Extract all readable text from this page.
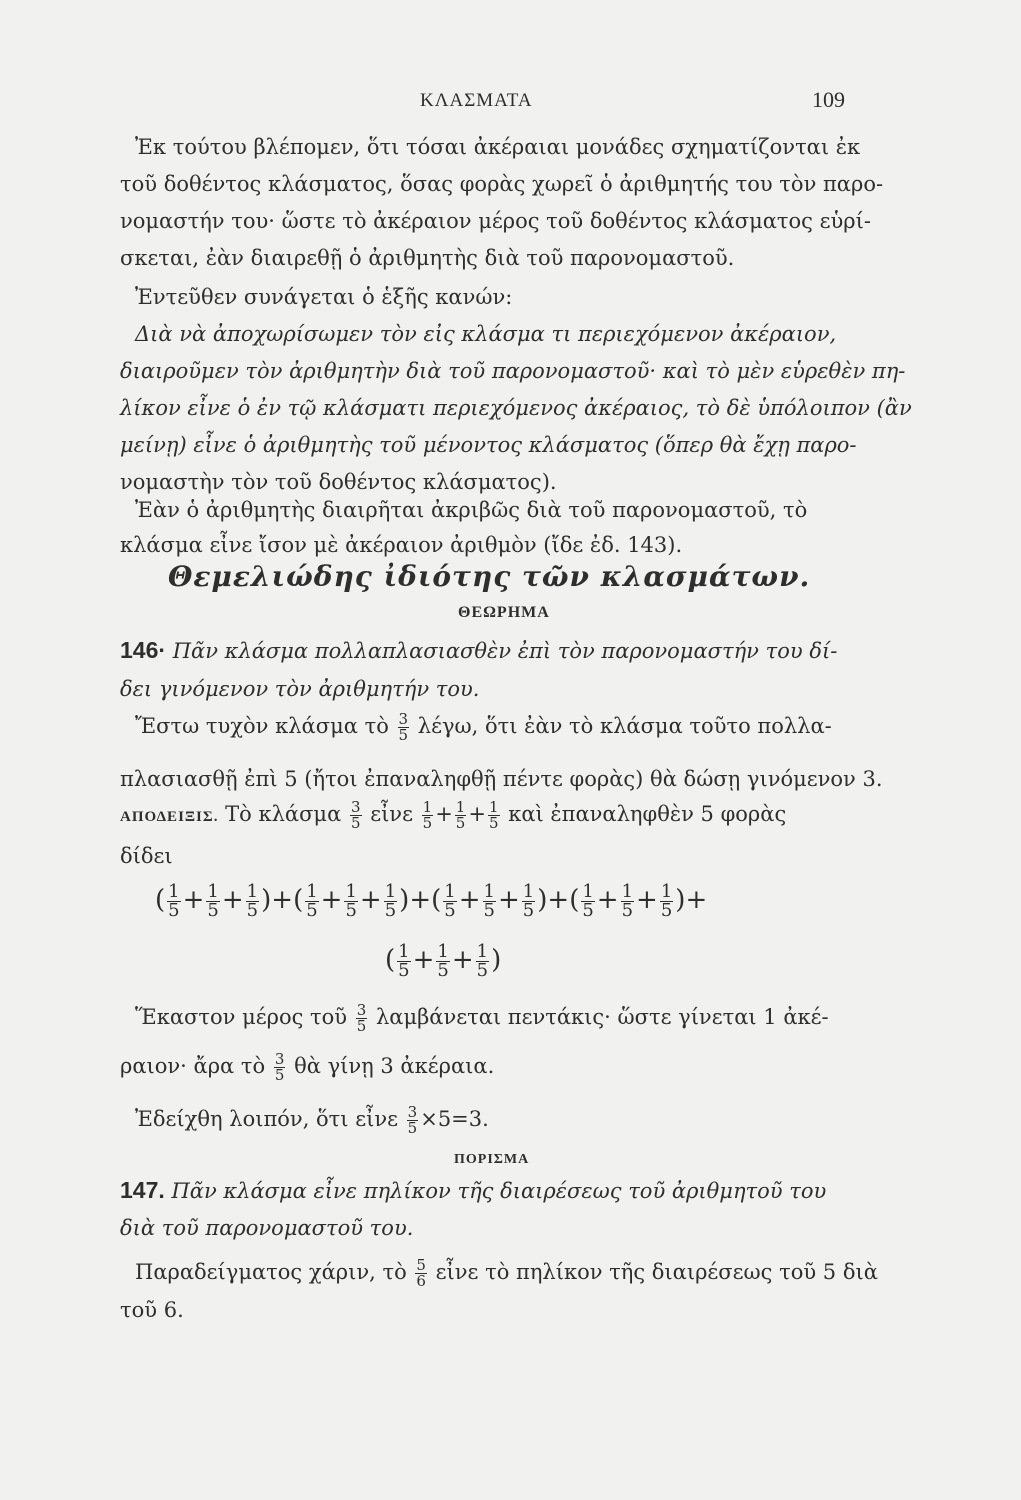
ΚΛΑΣΜΑΤΑ	109
Ἐκ τούτου βλέπομεν, ὅτι τόσαι ἀκέραιαι μονάδες σχηματίζονται ἐκ
τοῦ δοθέντος κλάσματος, ὅσας φορὰς χωρεῖ ὁ ἀριθμητής του τὸν παρο-
νομαστήν του· ὥστε τὸ ἀκέραιον μέρος τοῦ δοθέντος κλάσματος εὑρί-
σκεται, ἐὰν διαιρεθῇ ὁ ἀριθμητὴς διὰ τοῦ παρονομαστοῦ.
Ἐντεῦθεν συνάγεται ὁ ἑξῆς κανών:
Διὰ νὰ ἀποχωρίσωμεν τὸν εἰς κλάσμα τι περιεχόμενον ἀκέραιον,
διαιροῦμεν τὸν ἀριθμητὴν διὰ τοῦ παρονομαστοῦ· καὶ τὸ μὲν εὑρεθὲν πη-
λίκον εἶνε ὁ ἐν τῷ κλάσματι περιεχόμενος ἀκέραιος, τὸ δὲ ὑπόλοιπον (ἂν
μείνῃ) εἶνε ὁ ἀριθμητὴς τοῦ μένοντος κλάσματος (ὅπερ θὰ ἔχῃ παρο-
νομαστὴν τὸν τοῦ δοθέντος κλάσματος).
Ἐὰν ὁ ἀριθμητὴς διαιρῆται ἀκριβῶς διὰ τοῦ παρονομαστοῦ, τὸ
κλάσμα εἶνε ἴσον μὲ ἀκέραιον ἀριθμὸν (ἴδε ἐδ. 143).
Θεμελιώδης ἰδιότης τῶν κλασμάτων.
ΘΕΩΡΗΜΑ
146· Πᾶν κλάσμα πολλαπλασιασθὲν ἐπὶ τὸν παρονομαστήν του δί-
δει γινόμενον τὸν ἀριθμητήν του.
Ἔστω τυχὸν κλάσμα τὸ $\frac{3}{5} \lambda έ\gamma\omega$, ὅτι ἐὰν τὸ κλάσμα τοῦτο πολλα-
πλασιασθῇ ἐπὶ 5 (ἤτοι ἐπαναληφθῇ πέντε φορὰς) θὰ δώσῃ γινόμενον 3.
ΑΠΟΔΕΙΞΙΣ. Τὸ κλάσμα $\frac{3}{5}$ εἶνε $\frac{1}{5} + \frac{1}{5} + \frac{1}{5}$ καὶ ἐπαναληφθὲν 5 φορὰς
δίδει
( $\frac{1}{5} + \frac{1}{5} + \frac{1}{5}$ )+( $\frac{1}{5} + \frac{1}{5} + \frac{1}{5}$ )+( $\frac{1}{5} + \frac{1}{5} + \frac{1}{5}$ )+( $\frac{1}{5} + \frac{1}{5} + \frac{1}{5}$ )+
( $\frac{1}{5} + \frac{1}{5} + \frac{1}{5}$ )
Ἕκαστον μέρος τοῦ $\frac{3}{5}$ λαμβάνεται πεντάκις· ὥστε γίνεται 1 ἀκέ-
ραιον· ἄρα τὸ $\frac{3}{5}$ θὰ γίνῃ 3 ἀκέραια.
Ἐδείχθη λοιπόν, ὅτι εἶνε $\frac{3}{5} \times 5=3$.
ΠΟΡΙΣΜΑ
147. Πᾶν κλάσμα εἶνε πηλίκον τῆς διαιρέσεως τοῦ ἀριθμητοῦ του
διὰ τοῦ παρονομαστοῦ του.
Παραδείγματος χάριν, τὸ $\frac{5}{6}$ εἶνε τὸ πηλίκον τῆς διαιρέσεως τοῦ 5 διὰ
τοῦ 6.
